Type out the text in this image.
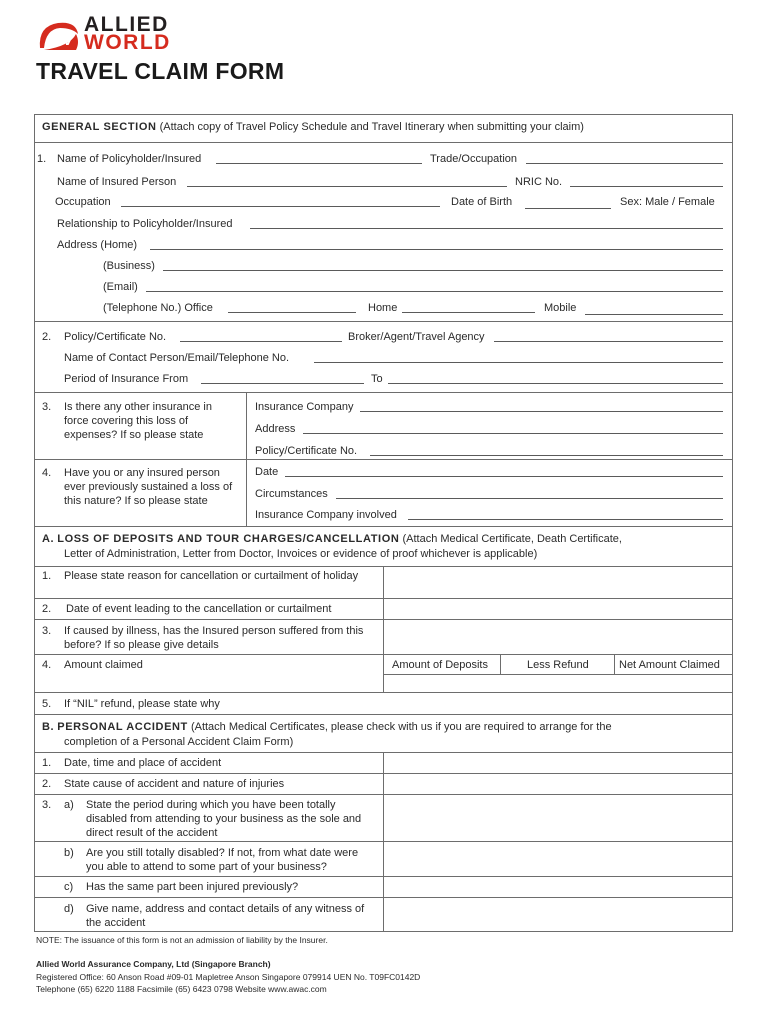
AW
ALLIED
WORLD
TRAVEL CLAIM FORM
GENERAL SECTION (Attach copy of Travel Policy Schedule and Travel Itinerary when submitting your claim)
1. Name of Policyholder/Insured	Trade/Occupation
Name of Insured Person	NRIC No.
Occupation	Date of Birth	Sex: Male / Female
Relationship to Policyholder/Insured
Address (Home)
(Business)
(Email)
(Telephone No.) Office	Home	Mobile
2. Policy/Certificate No.	Broker/Agent/Travel Agency
Name of Contact Person/Email/Telephone No.
Period of Insurance From	To
3. Is there any other insurance in force covering this loss of expenses? If so please state
Insurance Company
Address
Policy/Certificate No.
4. Have you or any insured person ever previously sustained a loss of this nature? If so please state
Date
Circumstances
Insurance Company involved
A. LOSS OF DEPOSITS AND TOUR CHARGES/CANCELLATION (Attach Medical Certificate, Death Certificate,
Letter of Administration, Letter from Doctor, Invoices or evidence of proof whichever is applicable)
1. Please state reason for cancellation or curtailment of holiday
2. Date of event leading to the cancellation or curtailment
3. If caused by illness, has the Insured person suffered from this before? If so please give details
4. Amount claimed	Amount of Deposits	Less Refund	Net Amount Claimed
5. If “NIL” refund, please state why
B. PERSONAL ACCIDENT (Attach Medical Certificates, please check with us if you are required to arrange for the
completion of a Personal Accident Claim Form)
1. Date, time and place of accident
2. State cause of accident and nature of injuries
3. a) State the period during which you have been totally disabled from attending to your business as the sole and direct result of the accident
b) Are you still totally disabled? If not, from what date were you able to attend to some part of your business?
c) Has the same part been injured previously?
d) Give name, address and contact details of any witness of the accident
NOTE: The issuance of this form is not an admission of liability by the Insurer.
Allied World Assurance Company, Ltd (Singapore Branch)
Registered Office: 60 Anson Road #09-01 Mapletree Anson Singapore 079914 UEN No. T09FC0142D
Telephone (65) 6220 1188 Facsimile (65) 6423 0798 Website www.awac.com
